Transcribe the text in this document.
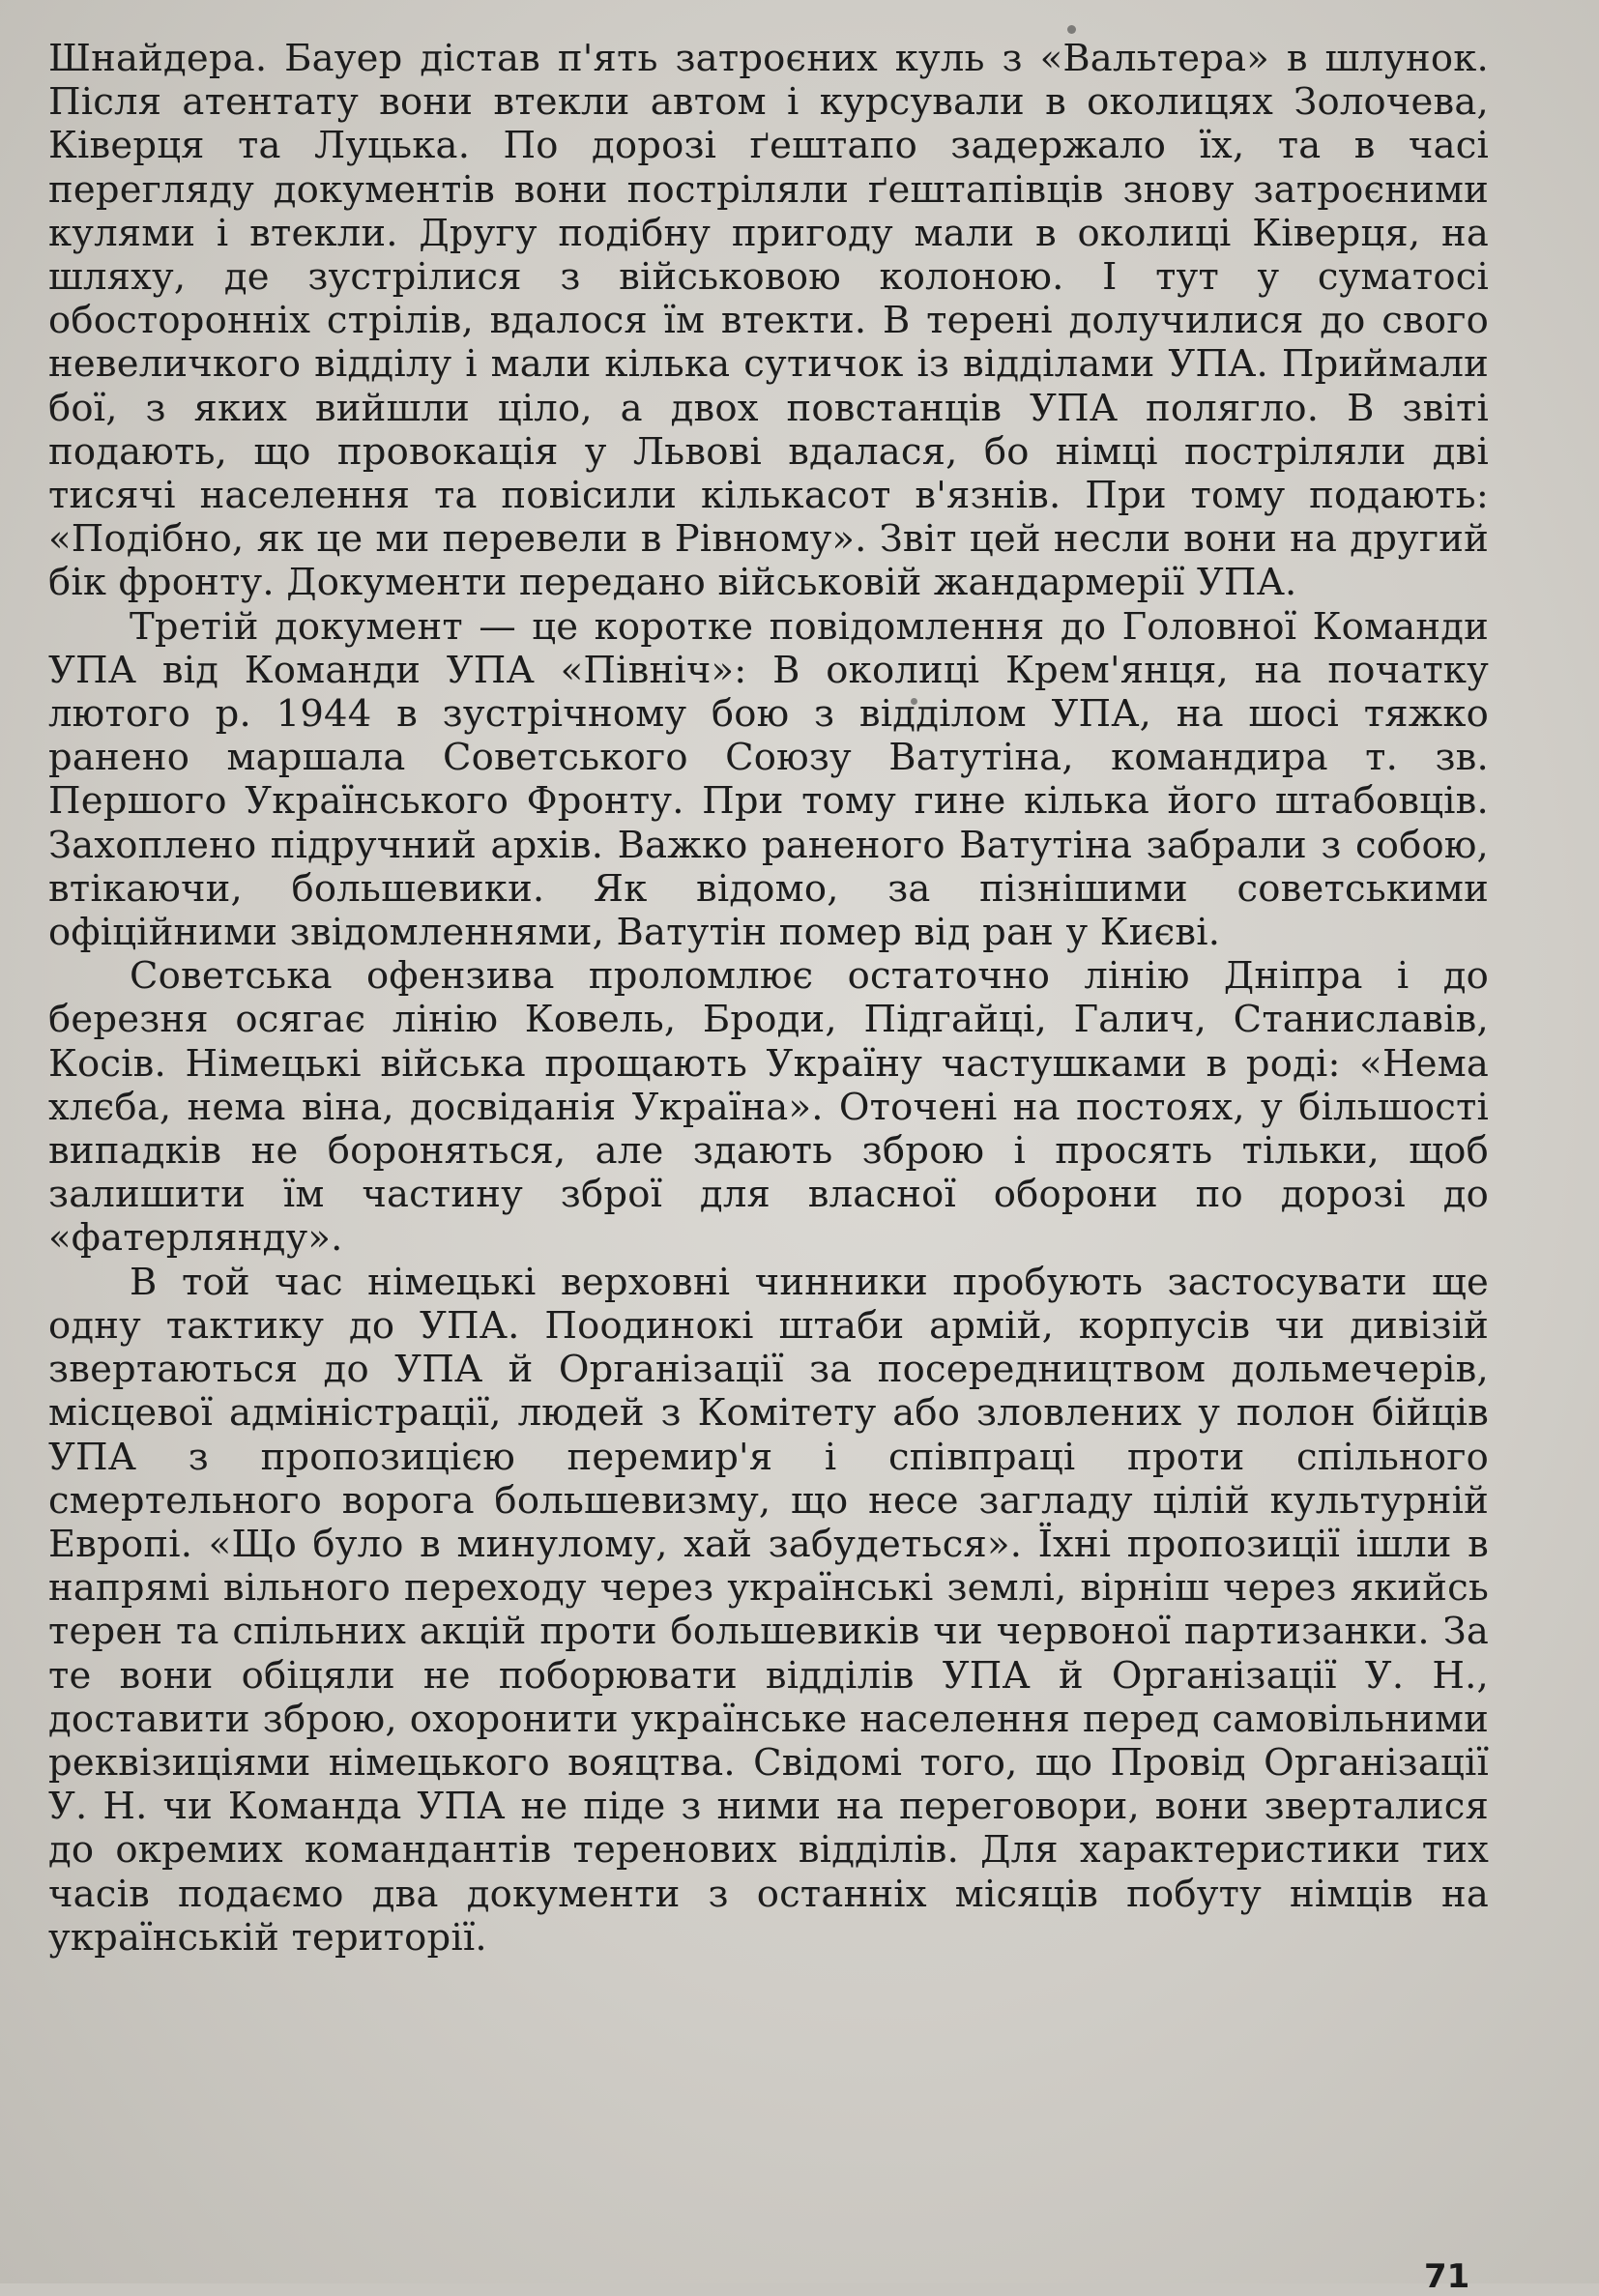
Шнайдера. Бауер дістав п'ять затроєних куль з «Вальтера» в шлунок. Після атентату вони втекли автом і курсували в околицях Золочева, Ківерця та Луцька. По дорозі ґештапо задержало їх, та в часі перегляду документів вони постріляли ґештапівців знову затроєними кулями і втекли. Другу подібну пригоду мали в околиці Ківерця, на шляху, де зустрілися з військовою колоною. І тут у суматосі обосторонніх стрілів, вдалося їм втекти. В терені долучилися до свого невеличкого відділу і мали кілька сутичок із відділами УПА. Приймали бої, з яких вийшли ціло, а двох повстанців УПА полягло. В звіті подають, що провокація у Львові вдалася, бо німці постріляли дві тисячі населення та повісили кількасот в'язнів. При тому подають: «Подібно, як це ми перевели в Рівному». Звіт цей несли вони на другий бік фронту. Документи передано військовій жандармерії УПА.

Третій документ — це коротке повідомлення до Головної Команди УПА від Команди УПА «Північ»: В околиці Крем'янця, на початку лютого р. 1944 в зустрічному бою з відділом УПА, на шосі тяжко ранено маршала Советського Союзу Ватутіна, командира т. зв. Першого Українського Фронту. При тому гине кілька його штабовців. Захоплено підручний архів. Важко раненого Ватутіна забрали з собою, втікаючи, большевики. Як відомо, за пізнішими советськими офіційними звідомленнями, Ватутін помер від ран у Києві.

Советська офензива проломлює остаточно лінію Дніпра і до березня осягає лінію Ковель, Броди, Підгайці, Галич, Станиславів, Косів. Німецькі війська прощають Україну частушками в роді: «Нема хлєба, нема віна, досвіданія Україна». Оточені на постоях, у більшості випадків не бороняться, але здають зброю і просять тільки, щоб залишити їм частину зброї для власної оборони по дорозі до «фатерлянду».

В той час німецькі верховні чинники пробують застосувати ще одну тактику до УПА. Поодинокі штаби армій, корпусів чи дивізій звертаються до УПА й Організації за посередництвом дольмечерів, місцевої адміністрації, людей з Комітету або зловлених у полон бійців УПА з пропозицією перемир'я і співпраці проти спільного смертельного ворога большевизму, що несе загладу цілій культурній Европі. «Що було в минулому, хай забудеться». Їхні пропозиції ішли в напрямі вільного переходу через українські землі, вірніш через якийсь терен та спільних акцій проти большевиків чи червоної партизанки. За те вони обіцяли не поборювати відділів УПА й Організації У. Н., доставити зброю, охоронити українське населення перед самовільними реквізиціями німецького вояцтва. Свідомі того, що Провід Організації У. Н. чи Команда УПА не піде з ними на переговори, вони зверталися до окремих командантів теренових відділів. Для характеристики тих часів подаємо два документи з останніх місяців побуту німців на українській території.

71
